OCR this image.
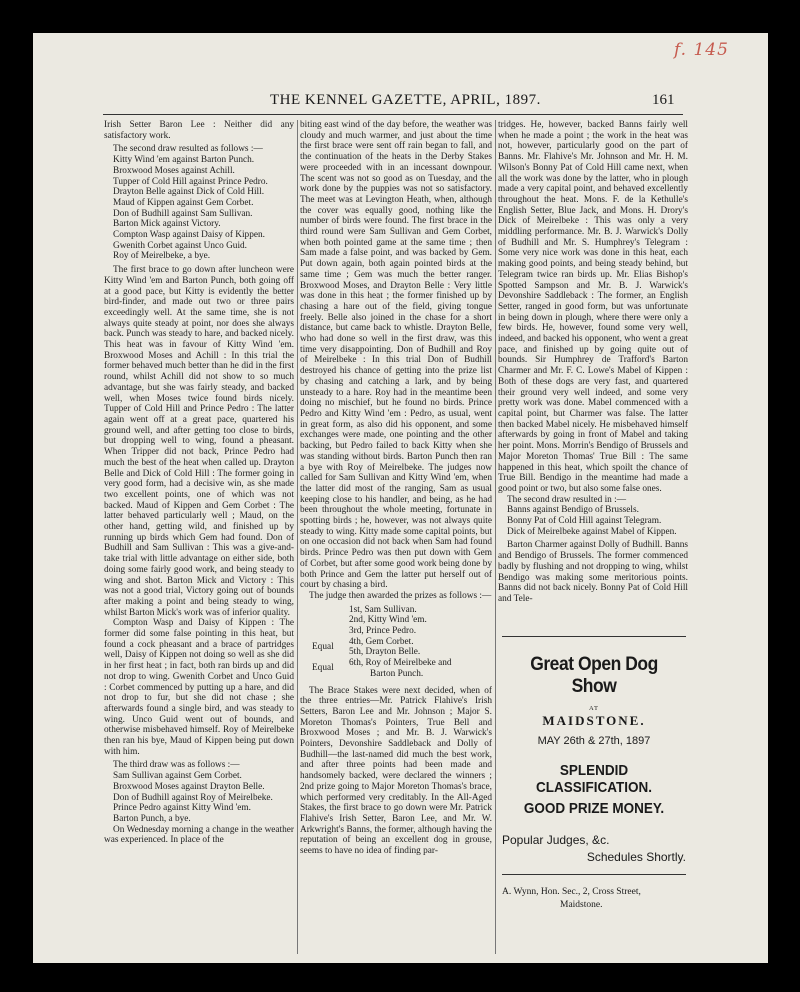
f. 145
THE KENNEL GAZETTE, APRIL, 1897.	161

Irish Setter Baron Lee : Neither did any satisfactory work.

The second draw resulted as follows :—

Kitty Wind 'em against Barton Punch.
Broxwood Moses against Achill.
Tupper of Cold Hill against Prince Pedro.
Drayton Belle against Dick of Cold Hill.
Maud of Kippen against Gem Corbet.
Don of Budhill against Sam Sullivan.
Barton Mick against Victory.
Compton Wasp against Daisy of Kippen.
Gwenith Corbet against Unco Guid.
Roy of Meirelbeke, a bye.

The first brace to go down after luncheon were Kitty Wind 'em and Barton Punch, both going off at a good pace, but Kitty is evidently the better bird-finder, and made out two or three pairs exceedingly well. At the same time, she is not always quite steady at point, nor does she always back. Punch was steady to hare, and backed nicely. This heat was in favour of Kitty Wind 'em. Broxwood Moses and Achill : In this trial the former behaved much better than he did in the first round, whilst Achill did not show to so much advantage, but she was fairly steady, and backed well, when Moses twice found birds nicely. Tupper of Cold Hill and Prince Pedro : The latter again went off at a great pace, quartered his ground well, and after getting too close to birds, but dropping well to wing, found a pheasant. When Tripper did not back, Prince Pedro had much the best of the heat when called up. Drayton Belle and Dick of Cold Hill : The former going in very good form, had a decisive win, as she made two excellent points, one of which was not backed. Maud of Kippen and Gem Corbet : The latter behaved particularly well ; Maud, on the other hand, getting wild, and finished up by running up birds which Gem had found. Don of Budhill and Sam Sullivan : This was a give-and-take trial with little advantage on either side, both doing some fairly good work, and being steady to wing and shot. Barton Mick and Victory : This was not a good trial, Victory going out of bounds after making a point and being steady to wing, whilst Barton Mick's work was of inferior quality.

Compton Wasp and Daisy of Kippen : The former did some false pointing in this heat, but found a cock pheasant and a brace of partridges well, Daisy of Kippen not doing so well as she did in her first heat ; in fact, both ran birds up and did not drop to wing. Gwenith Corbet and Unco Guid : Corbet commenced by putting up a hare, and did not drop to fur, but she did not chase ; she afterwards found a single bird, and was steady to wing. Unco Guid went out of bounds, and otherwise misbehaved himself. Roy of Meirelbeke then ran his bye, Maud of Kippen being put down with him.

The third draw was as follows :—

Sam Sullivan against Gem Corbet.
Broxwood Moses against Drayton Belle.
Don of Budhill against Roy of Meirelbeke.
Prince Pedro against Kitty Wind 'em.
Barton Punch, a bye.

On Wednesday morning a change in the weather was experienced. In place of the

biting east wind of the day before, the weather was cloudy and much warmer, and just about the time the first brace were sent off rain began to fall, and the continuation of the heats in the Derby Stakes were proceeded with in an incessant downpour. The scent was not so good as on Tuesday, and the work done by the puppies was not so satisfactory. The meet was at Levington Heath, when, although the cover was equally good, nothing like the number of birds were found. The first brace in the third round were Sam Sullivan and Gem Corbet, when both pointed game at the same time ; then Sam made a false point, and was backed by Gem. Put down again, both again pointed birds at the same time ; Gem was much the better ranger. Broxwood Moses, and Drayton Belle : Very little was done in this heat ; the former finished up by chasing a hare out of the field, giving tongue freely. Belle also joined in the chase for a short distance, but came back to whistle. Drayton Belle, who had done so well in the first draw, was this time very disappointing. Don of Budhill and Roy of Meirelbeke : In this trial Don of Budhill destroyed his chance of getting into the prize list by chasing and catching a lark, and by being unsteady to a hare. Roy had in the meantime been doing no mischief, but he found no birds. Prince Pedro and Kitty Wind 'em : Pedro, as usual, went in great form, as also did his opponent, and some exchanges were made, one pointing and the other backing, but Pedro failed to back Kitty when she was standing without birds. Barton Punch then ran a bye with Roy of Meirelbeke. The judges now called for Sam Sullivan and Kitty Wind 'em, when the latter did most of the ranging, Sam as usual keeping close to his handler, and being, as he had been throughout the whole meeting, fortunate in spotting birds ; he, however, was not always quite steady to wing. Kitty made some capital points, but on one occasion did not back when Sam had found birds. Prince Pedro was then put down with Gem of Corbet, but after some good work being done by both Prince and Gem the latter put herself out of court by chasing a bird.

The judge then awarded the prizes as follows :—

1st, Sam Sullivan.
2nd, Kitty Wind 'em.
3rd, Prince Pedro.
Equal	4th, Gem Corbet.
5th, Drayton Belle.
Equal	6th, Roy of Meirelbeke and
Barton Punch.

The Brace Stakes were next decided, when of the three entries—Mr. Patrick Flahive's Irish Setters, Baron Lee and Mr. Johnson ; Major S. Moreton Thomas's Pointers, True Bell and Broxwood Moses ; and Mr. B. J. Warwick's Pointers, Devonshire Saddleback and Dolly of Budhill—the last-named did much the best work, and after three points had been made and handsomely backed, were declared the winners ; 2nd prize going to Major Moreton Thomas's brace, which performed very creditably. In the All-Aged Stakes, the first brace to go down were Mr. Patrick Flahive's Irish Setter, Baron Lee, and Mr. W. Arkwright's Banns, the former, although having the reputation of being an excellent dog in grouse, seems to have no idea of finding par-

tridges. He, however, backed Banns fairly well when he made a point ; the work in the heat was not, however, particularly good on the part of Banns. Mr. Flahive's Mr. Johnson and Mr. H. M. Wilson's Bonny Pat of Cold Hill came next, when all the work was done by the latter, who in plough made a very capital point, and behaved excellently throughout the heat. Mons. F. de la Kethulle's English Setter, Blue Jack, and Mons. H. Drory's Dick of Meirelbeke : This was only a very middling performance. Mr. B. J. Warwick's Dolly of Budhill and Mr. S. Humphrey's Telegram : Some very nice work was done in this heat, each making good points, and being steady behind, but Telegram twice ran birds up. Mr. Elias Bishop's Spotted Sampson and Mr. B. J. Warwick's Devonshire Saddleback : The former, an English Setter, ranged in good form, but was unfortunate in being down in plough, where there were only a few birds. He, however, found some very well, indeed, and backed his opponent, who went a great pace, and finished up by going quite out of bounds. Sir Humphrey de Trafford's Barton Charmer and Mr. F. C. Lowe's Mabel of Kippen : Both of these dogs are very fast, and quartered their ground very well indeed, and some very pretty work was done. Mabel commenced with a capital point, but Charmer was false. The latter then backed Mabel nicely. He misbehaved himself afterwards by going in front of Mabel and taking her point. Mons. Morrin's Bendigo of Brussels and Major Moreton Thomas' True Bill : The same happened in this heat, which spoilt the chance of True Bill. Bendigo in the meantime had made a good point or two, but also some false ones.

The second draw resulted in :—

Banns against Bendigo of Brussels.
Bonny Pat of Cold Hill against Telegram.
Dick of Meirelbeke against Mabel of Kippen.

Barton Charmer against Dolly of Budhill. Banns and Bendigo of Brussels. The former commenced badly by flushing and not dropping to wing, whilst Bendigo was making some meritorious points. Banns did not back nicely. Bonny Pat of Cold Hill and Tele-

Great Open Dog Show
AT
MAIDSTONE.
MAY 26th & 27th, 1897
SPLENDID CLASSIFICATION.
GOOD PRIZE MONEY.
Popular Judges, &c.
Schedules Shortly.
A. Wynn, Hon. Sec., 2, Cross Street,
Maidstone.
